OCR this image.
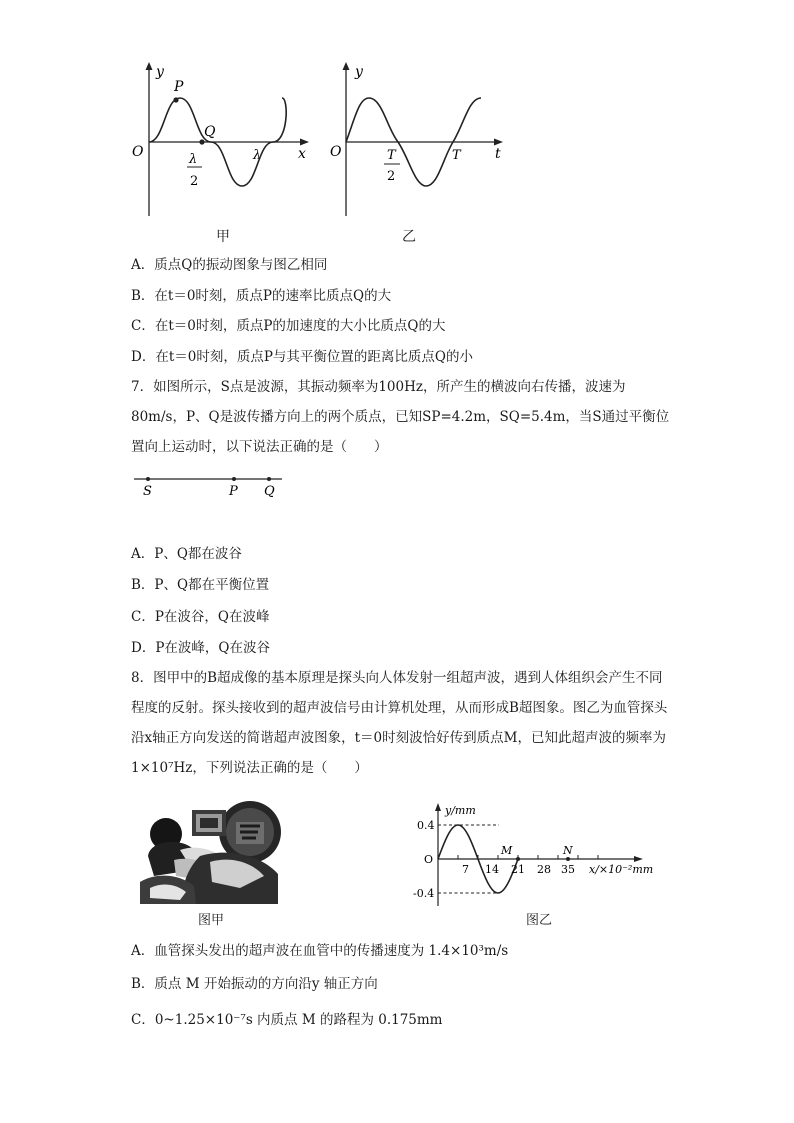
y
x
O
P
Q
λ
2
λ
y
t
O	T
2
T
甲	乙
A．质点Q的振动图象与图乙相同
B．在t＝0时刻，质点P的速率比质点Q的大
C．在t＝0时刻，质点P的加速度的大小比质点Q的大
D．在t＝0时刻，质点P与其平衡位置的距离比质点Q的小
7．如图所示，S点是波源，其振动频率为100Hz，所产生的横波向右传播，波速为80m/s，P、Q是波传播方向上的两个质点，已知SP=4.2m，SQ=5.4m，当S通过平衡位置向上运动时，以下说法正确的是（　　）
S	P Q
A．P、Q都在波谷
B．P、Q都在平衡位置
C．P在波谷，Q在波峰
D．P在波峰，Q在波谷
8．图甲中的B超成像的基本原理是探头向人体发射一组超声波，遇到人体组织会产生不同程度的反射。探头接收到的超声波信号由计算机处理，从而形成B超图象。图乙为血管探头沿x轴正方向发送的简谐超声波图象，t＝0时刻波恰好传到质点M，已知此超声波的频率为1×10⁷Hz，下列说法正确的是（　　）
图甲
y/mm
x/×10⁻²mm
O
0.4
-0.4
7 14 21 28 35
M	N
图乙
A．血管探头发出的超声波在血管中的传播速度为 1.4×10³m/s
B．质点 M 开始振动的方向沿y 轴正方向
C．0~1.25×10⁻⁷s 内质点 M 的路程为 0.175mm
